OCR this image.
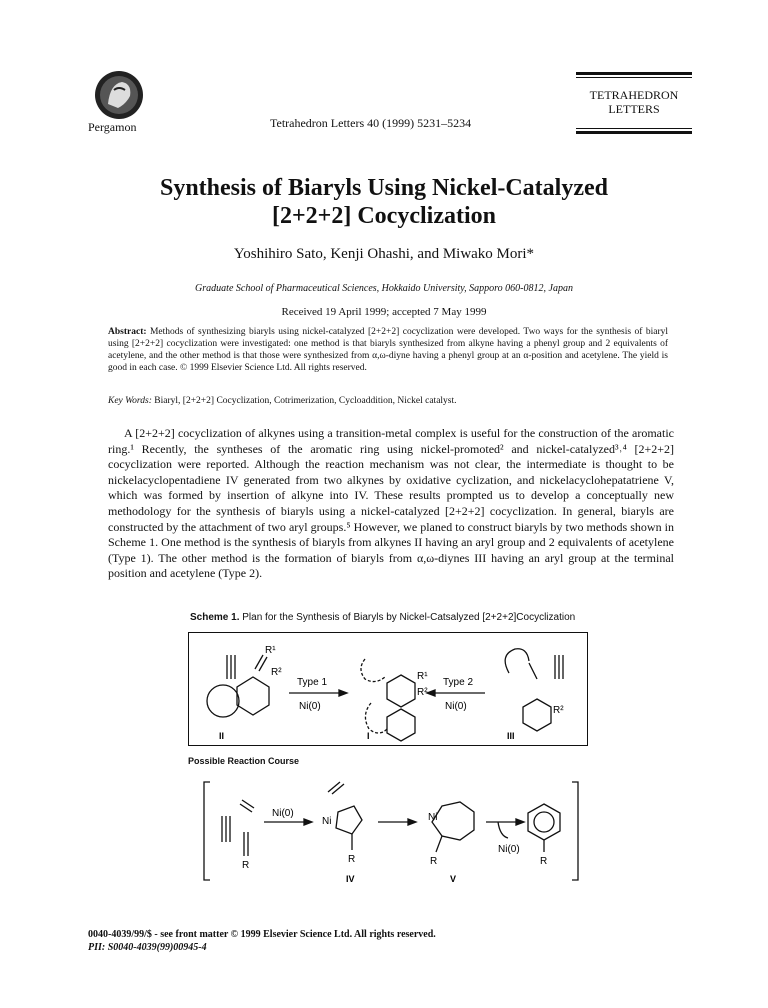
Pergamon	Tetrahedron Letters 40 (1999) 5231–5234
TETRAHEDRON
LETTERS
Synthesis of Biaryls Using Nickel-Catalyzed
[2+2+2] Cocyclization
Yoshihiro Sato, Kenji Ohashi, and Miwako Mori*
Graduate School of Pharmaceutical Sciences, Hokkaido University, Sapporo 060-0812, Japan
Received 19 April 1999; accepted 7 May 1999
Abstract: Methods of synthesizing biaryls using nickel-catalyzed [2+2+2] cocyclization were developed. Two ways for the synthesis of biaryl using [2+2+2] cocyclization were investigated: one method is that biaryls synthesized from alkyne having a phenyl group and 2 equivalents of acetylene, and the other method is that those were synthesized from α,ω-diyne having a phenyl group at an α-position and acetylene. The yield is good in each case. © 1999 Elsevier Science Ltd. All rights reserved.
Key Words: Biaryl, [2+2+2] Cocyclization, Cotrimerization, Cycloaddition, Nickel catalyst.
A [2+2+2] cocyclization of alkynes using a transition-metal complex is useful for the construction of the aromatic ring.¹ Recently, the syntheses of the aromatic ring using nickel-promoted² and nickel-catalyzed³˒⁴ [2+2+2] cocyclization were reported. Although the reaction mechanism was not clear, the intermediate is thought to be nickelacyclopentadiene IV generated from two alkynes by oxidative cyclization, and nickelacyclohepatatriene V, which was formed by insertion of alkyne into IV. These results prompted us to develop a conceptually new methodology for the synthesis of biaryls using a nickel-catalyzed [2+2+2] cocyclization. In general, biaryls are constructed by the attachment of two aryl groups.⁵ However, we planed to construct biaryls by two methods shown in Scheme 1. One method is the synthesis of biaryls from alkynes II having an aryl group and 2 equivalents of acetylene (Type 1). The other method is the formation of biaryls from α,ω-diynes III having an aryl group at the terminal position and acetylene (Type 2).
Scheme 1. Plan for the Synthesis of Biaryls by Nickel-Catsalyzed [2+2+2]Cocyclization
R¹
R²
Type 1
Ni(0)
R¹
R²
Type 2
Ni(0)	R²
II	I	III
Possible Reaction Course
Ni(0)
Ni
R
R
IV
Ni
R
V
Ni(0)
R
0040-4039/99/$ - see front matter © 1999 Elsevier Science Ltd. All rights reserved.
PII: S0040-4039(99)00945-4
